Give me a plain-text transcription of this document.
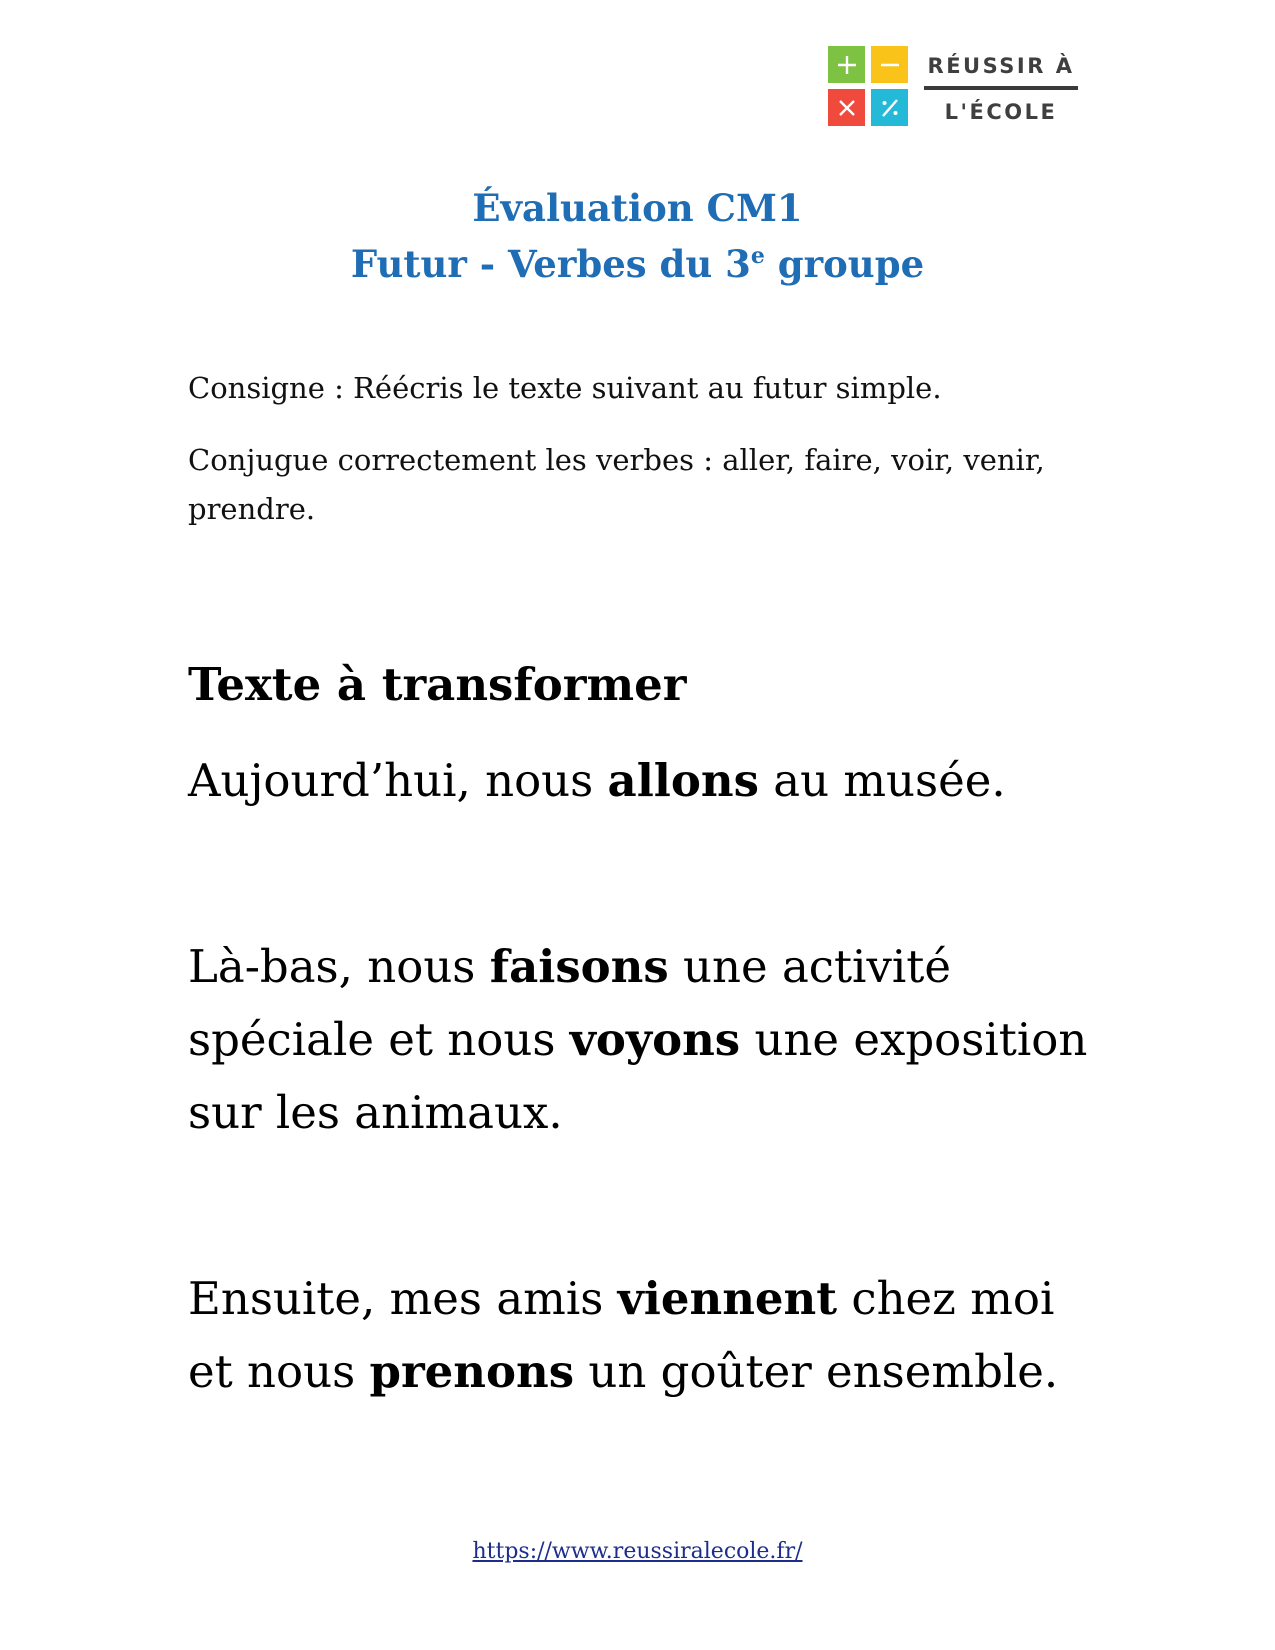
RÉUSSIR À
L'ÉCOLE
Évaluation CM1
Futur - Verbes du 3e groupe
Consigne : Réécris le texte suivant au futur simple.
Conjugue correctement les verbes : aller, faire, voir, venir, prendre.
Texte à transformer
Aujourd’hui, nous allons au musée.
Là-bas, nous faisons une activité spéciale et nous voyons une exposition sur les animaux.
Ensuite, mes amis viennent chez moi et nous prenons un goûter ensemble.
https://www.reussiralecole.fr/
